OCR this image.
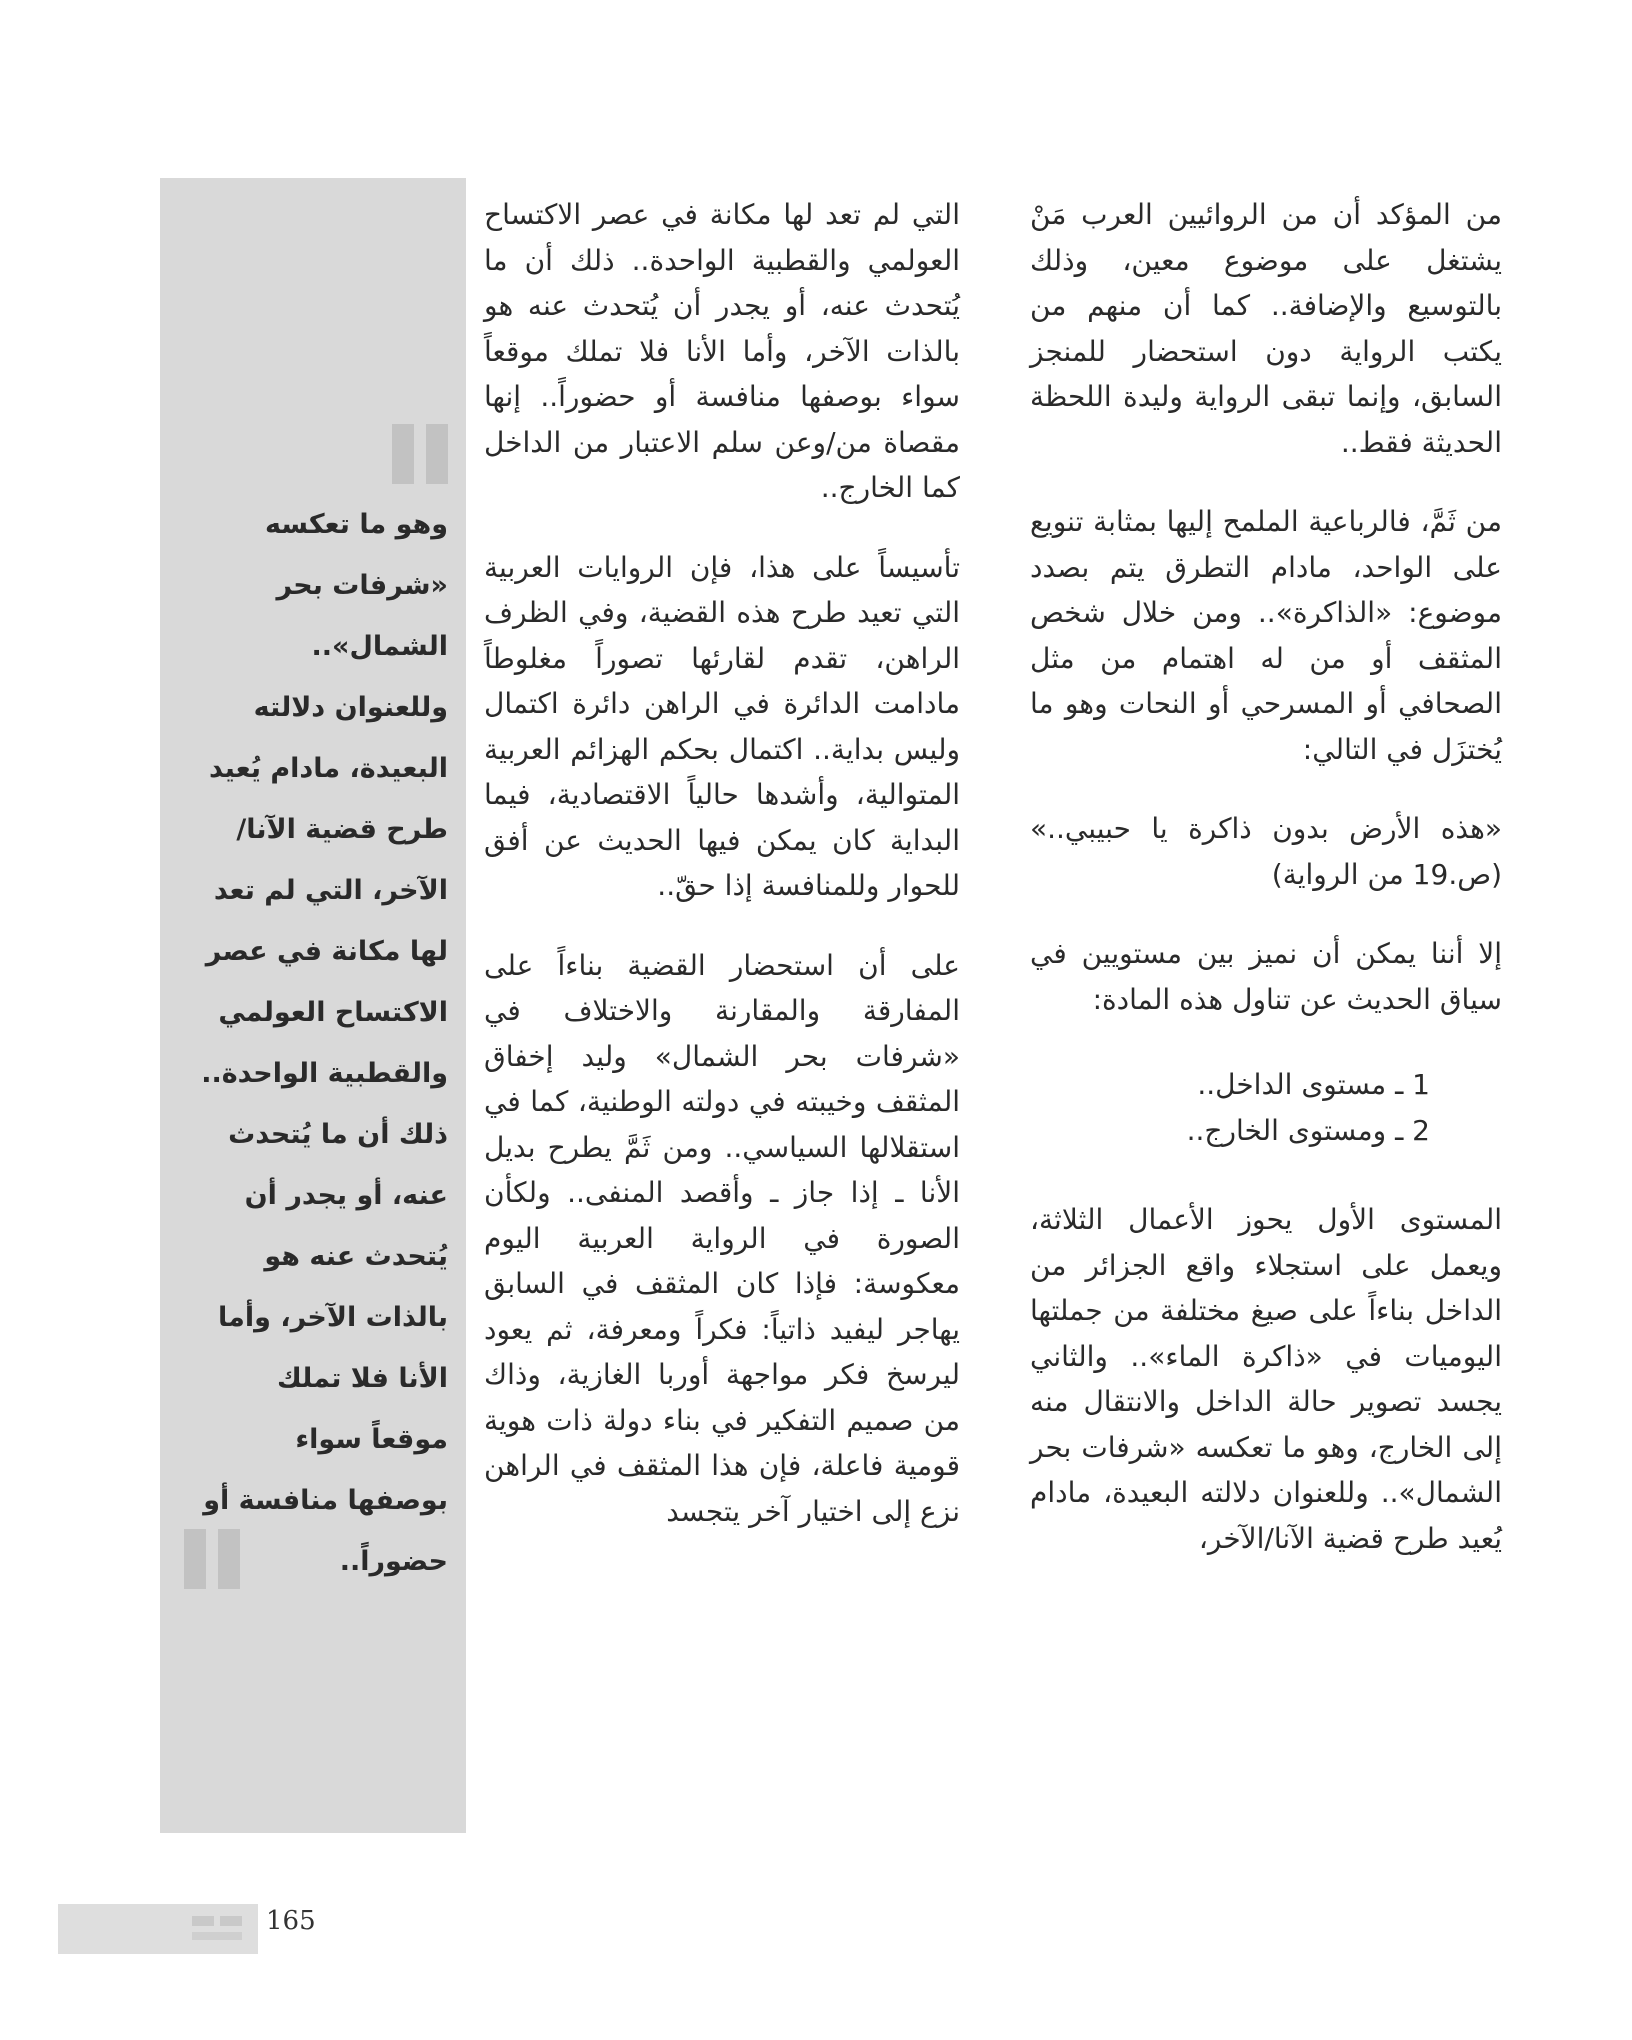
من المؤكد أن من الروائيين العرب مَنْ يشتغل على موضوع معين، وذلك بالتوسيع والإضافة.. كما أن منهم من يكتب الرواية دون استحضار للمنجز السابق، وإنما تبقى الرواية وليدة اللحظة الحديثة فقط..

من ثَمَّ، فالرباعية الملمح إليها بمثابة تنويع على الواحد، مادام التطرق يتم بصدد موضوع: «الذاكرة».. ومن خلال شخص المثقف أو من له اهتمام من مثل الصحافي أو المسرحي أو النحات وهو ما يُختزَل في التالي:

«هذه الأرض بدون ذاكرة يا حبيبي..» (ص.19 من الرواية)

إلا أننا يمكن أن نميز بين مستويين في سياق الحديث عن تناول هذه المادة:

1 ـ مستوى الداخل..

2 ـ ومستوى الخارج..

المستوى الأول يحوز الأعمال الثلاثة، ويعمل على استجلاء واقع الجزائر من الداخل بناءاً على صيغ مختلفة من جملتها اليوميات في «ذاكرة الماء».. والثاني يجسد تصوير حالة الداخل والانتقال منه إلى الخارج، وهو ما تعكسه «شرفات بحر الشمال».. وللعنوان دلالته البعيدة، مادام يُعيد طرح قضية الآنا/الآخر،

التي لم تعد لها مكانة في عصر الاكتساح العولمي والقطبية الواحدة.. ذلك أن ما يُتحدث عنه، أو يجدر أن يُتحدث عنه هو بالذات الآخر، وأما الأنا فلا تملك موقعاً سواء بوصفها منافسة أو حضوراً.. إنها مقصاة من/وعن سلم الاعتبار من الداخل كما الخارج..

تأسيساً على هذا، فإن الروايات العربية التي تعيد طرح هذه القضية، وفي الظرف الراهن، تقدم لقارئها تصوراً مغلوطاً مادامت الدائرة في الراهن دائرة اكتمال وليس بداية.. اكتمال بحكم الهزائم العربية المتوالية، وأشدها حالياً الاقتصادية، فيما البداية كان يمكن فيها الحديث عن أفق للحوار وللمنافسة إذا حقّ..

على أن استحضار القضية بناءاً على المفارقة والمقارنة والاختلاف في «شرفات بحر الشمال» وليد إخفاق المثقف وخيبته في دولته الوطنية، كما في استقلالها السياسي.. ومن ثَمَّ يطرح بديل الأنا ـ إذا جاز ـ وأقصد المنفى.. ولكأن الصورة في الرواية العربية اليوم معكوسة: فإذا كان المثقف في السابق يهاجر ليفيد ذاتياً: فكراً ومعرفة، ثم يعود ليرسخ فكر مواجهة أوربا الغازية، وذاك من صميم التفكير في بناء دولة ذات هوية قومية فاعلة، فإن هذا المثقف في الراهن نزع إلى اختيار آخر يتجسد

وهو ما تعكسه «شرفات بحر الشمال».. وللعنوان دلالته البعيدة، مادام يُعيد طرح قضية الآنا/الآخر، التي لم تعد لها مكانة في عصر الاكتساح العولمي والقطبية الواحدة.. ذلك أن ما يُتحدث عنه، أو يجدر أن يُتحدث عنه هو بالذات الآخر، وأما الأنا فلا تملك موقعاً سواء بوصفها منافسة أو حضوراً..
165
